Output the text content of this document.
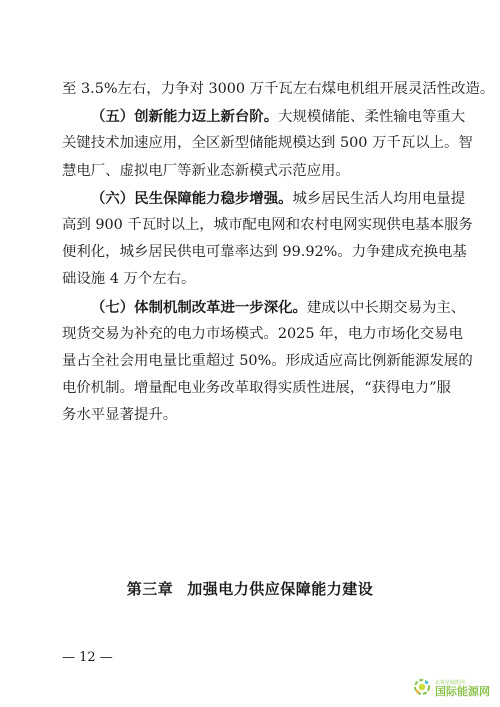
至 3.5%左右，力争对 3000 万千瓦左右煤电机组开展灵活性改造。
（五）创新能力迈上新台阶。大规模储能、柔性输电等重大
关键技术加速应用，全区新型储能规模达到 500 万千瓦以上。智
慧电厂、虚拟电厂等新业态新模式示范应用。
（六）民生保障能力稳步增强。城乡居民生活人均用电量提
高到 900 千瓦时以上，城市配电网和农村电网实现供电基本服务
便利化，城乡居民供电可靠率达到 99.92%。力争建成充换电基
础设施 4 万个左右。
（七）体制机制改革进一步深化。建成以中长期交易为主、
现货交易为补充的电力市场模式。2025 年，电力市场化交易电
量占全社会用电量比重超过 50%。形成适应高比例新能源发展的
电价机制。增量配电业务改革取得实质性进展，“获得电力”服
务水平显著提升。
第三章 加强电力供应保障能力建设
— 12 —
北极星储能网
国际能源网
